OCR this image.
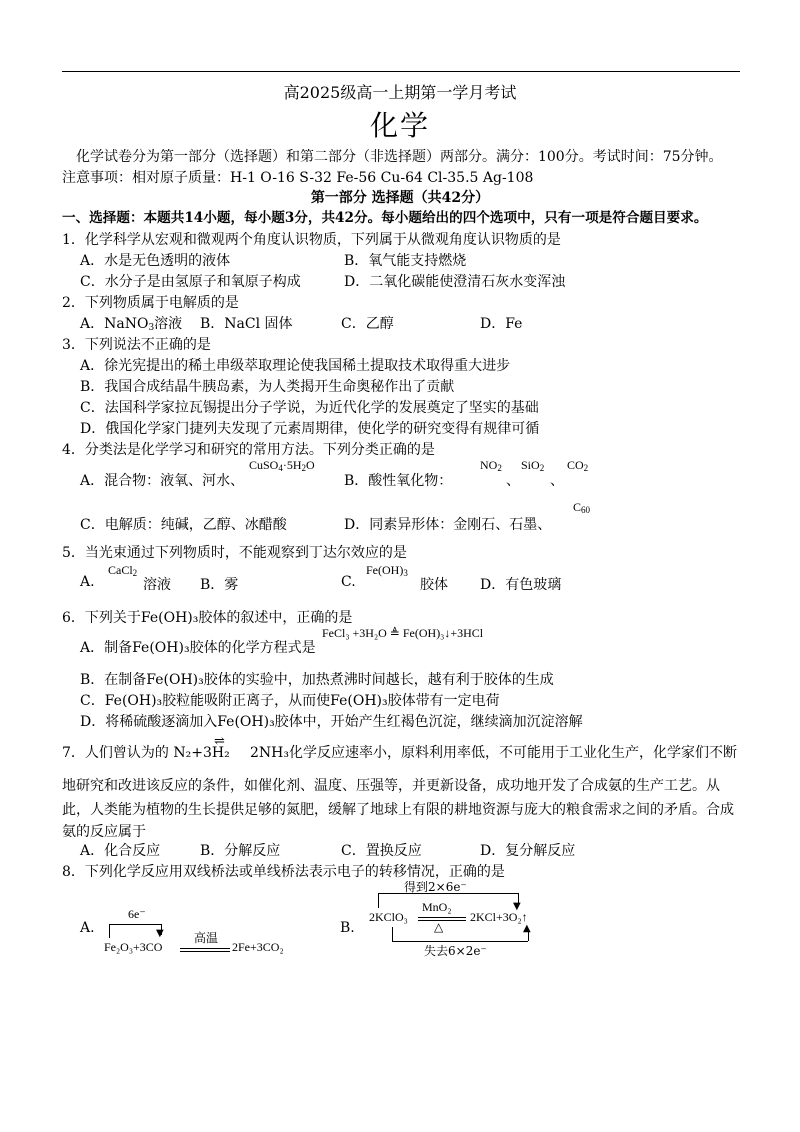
高2025级高一上期第一学月考试
化学
化学试卷分为第一部分（选择题）和第二部分（非选择题）两部分。满分：100分。考试时间：75分钟。
注意事项：相对原子质量：H-1 O-16 S-32 Fe-56 Cu-64 Cl-35.5 Ag-108
第一部分 选择题（共42分）
一、选择题：本题共14小题，每小题3分，共42分。每小题给出的四个选项中，只有一项是符合题目要求。
1．化学科学从宏观和微观两个角度认识物质，下列属于从微观角度认识物质的是
A．水是无色透明的液体	B．氧气能支持燃烧
C．水分子是由氢原子和氧原子构成	D．二氧化碳能使澄清石灰水变浑浊
2．下列物质属于电解质的是
A．NaNO$_3$溶液 B．NaCl 固体	C．乙醇	D．Fe
3．下列说法不正确的是
A．徐光宪提出的稀土串级萃取理论使我国稀土提取技术取得重大进步
B．我国合成结晶牛胰岛素，为人类揭开生命奥秘作出了贡献
C．法国科学家拉瓦锡提出分子学说，为近代化学的发展奠定了坚实的基础
D．俄国化学家门捷列夫发现了元素周期律，使化学的研究变得有规律可循
4．分类法是化学学习和研究的常用方法。下列分类正确的是
A．混合物：液氧、河水、
$CuSO_4\cdot 5H_2O$
B．酸性氧化物：
$NO_2$
、
SiO$_2$
、
$CO_2$
C．电解质：纯碱，乙醇、冰醋酸	D．同素异形体：金刚石、石墨、
$C_{60}$
5．当光束通过下列物质时，不能观察到丁达尔效应的是
A.
CaCl$_2$
溶液 B．雾	C.
$Fe(OH)_3$
胶体 D．有色玻璃
6．下列关于Fe(OH)₃胶体的叙述中，正确的是
A．制备Fe(OH)₃胶体的化学方程式是
FeCl₃ +3H₂O ≜ Fe(OH)₃↓+3HCl
B．在制备Fe(OH)₃胶体的实验中，加热煮沸时间越长，越有利于胶体的生成
C．Fe(OH)₃胶粒能吸附正离子，从而使Fe(OH)₃胶体带有一定电荷
D．将稀硫酸逐滴加入Fe(OH)₃胶体中，开始产生红褐色沉淀，继续滴加沉淀溶解
7．人们曾认为的 N₂+3H₂
⇌
2NH₃化学反应速率小，原料利用率低，不可能用于工业化生产，化学家们不断
地研究和改进该反应的条件，如催化剂、温度、压强等，并更新设备，成功地开发了合成氨的生产工艺。从
此，人类能为植物的生长提供足够的氮肥，缓解了地球上有限的耕地资源与庞大的粮食需求之间的矛盾。合成
氨的反应属于
A．化合反应	B．分解反应	C．置换反应	D．复分解反应
8．下列化学反应用双线桥法或单线桥法表示电子的转移情况，正确的是
A.
6e⁻
▼
Fe₂O₃+3CO
高温
2Fe+3CO₂
B.
得到2×6e⁻
▼
2KClO₃
MnO₂
△
2KCl+3O₂↑
▲
失去6×2e⁻
